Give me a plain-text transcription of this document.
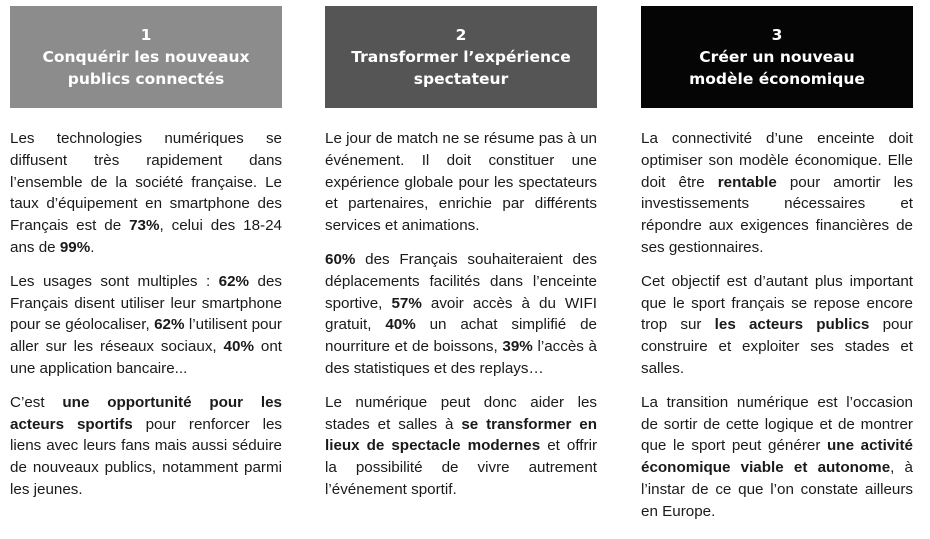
1
Conquérir les nouveaux
publics connectés

Les technologies numériques se diffusent très rapidement dans l’ensemble de la société française. Le taux d’équipement en smartphone des Français est de 73%, celui des 18-24 ans de 99%.

Les usages sont multiples : 62% des Français disent utiliser leur smartphone pour se géolocaliser, 62% l’utilisent pour aller sur les réseaux sociaux, 40% ont une application bancaire...

C’est une opportunité pour les acteurs sportifs pour renforcer les liens avec leurs fans mais aussi séduire de nouveaux publics, notamment parmi les jeunes.

2
Transformer l’expérience
spectateur

Le jour de match ne se résume pas à un événement. Il doit constituer une expérience globale pour les spectateurs et partenaires, enrichie par différents services et animations.

60% des Français souhaiteraient des déplacements facilités dans l’enceinte sportive, 57% avoir accès à du WIFI gratuit, 40% un achat simplifié de nourriture et de boissons, 39% l’accès à des statistiques et des replays…

Le numérique peut donc aider les stades et salles à se transformer en lieux de spectacle modernes et offrir la possibilité de vivre autrement l’événement sportif.

3
Créer un nouveau
modèle économique

La connectivité d’une enceinte doit optimiser son modèle économique. Elle doit être rentable pour amortir les investissements nécessaires et répondre aux exigences financières de ses gestionnaires.

Cet objectif est d’autant plus important que le sport français se repose encore trop sur les acteurs publics pour construire et exploiter ses stades et salles.

La transition numérique est l’occasion de sortir de cette logique et de montrer que le sport peut générer une activité économique viable et autonome, à l’instar de ce que l’on constate ailleurs en Europe.
